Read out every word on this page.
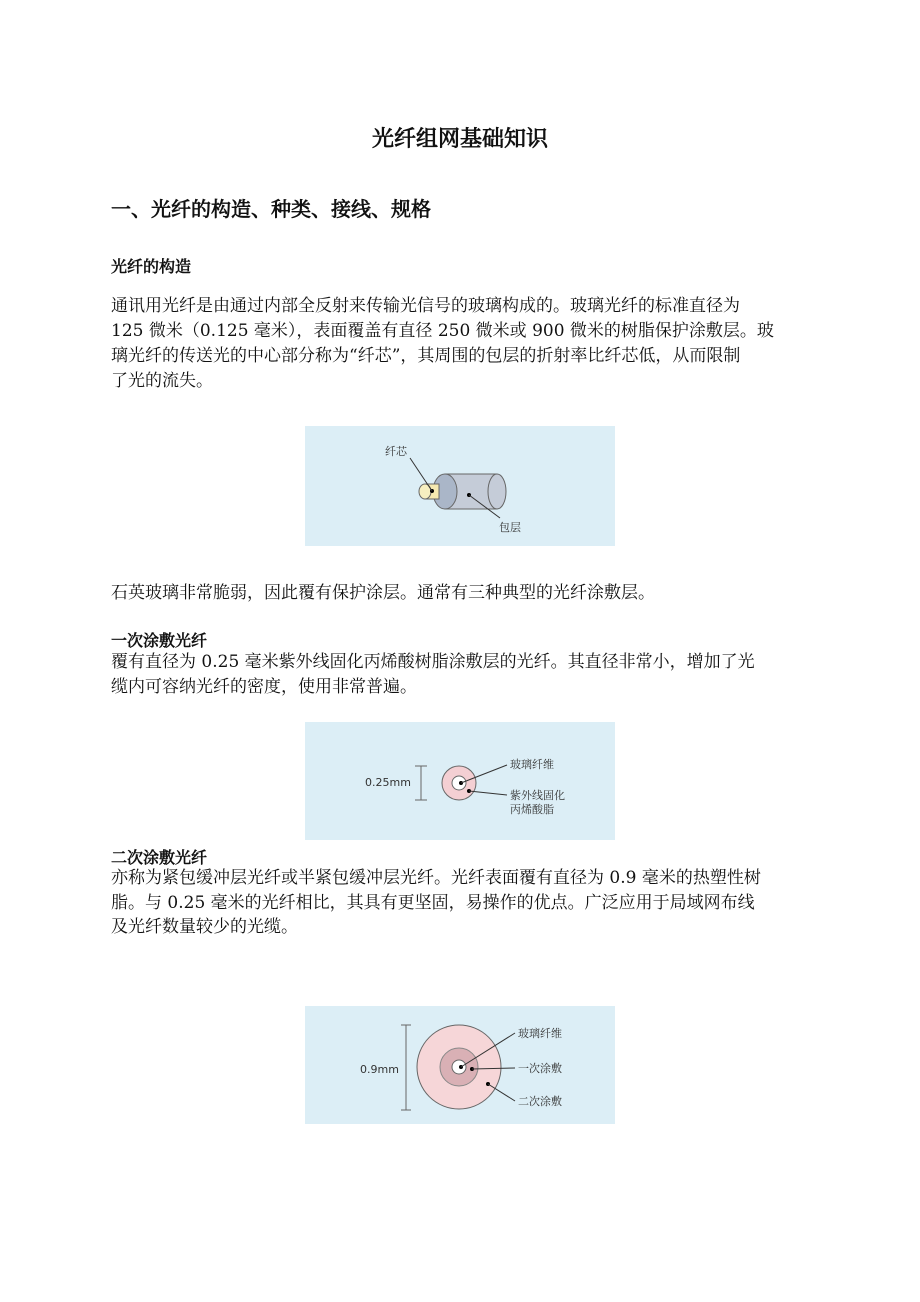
光纤组网基础知识
一、光纤的构造、种类、接线、规格
光纤的构造
通讯用光纤是由通过内部全反射来传输光信号的玻璃构成的。玻璃光纤的标准直径为
125 微米（0.125 毫米），表面覆盖有直径 250 微米或 900 微米的树脂保护涂敷层。玻
璃光纤的传送光的中心部分称为“纤芯”，其周围的包层的折射率比纤芯低，从而限制
了光的流失。
纤芯
包层
石英玻璃非常脆弱，因此覆有保护涂层。通常有三种典型的光纤涂敷层。
一次涂敷光纤
覆有直径为 0.25 毫米紫外线固化丙烯酸树脂涂敷层的光纤。其直径非常小，增加了光
缆内可容纳光纤的密度，使用非常普遍。
0.25mm
玻璃纤维
紫外线固化
丙烯酸脂
二次涂敷光纤
亦称为紧包缓冲层光纤或半紧包缓冲层光纤。光纤表面覆有直径为 0.9 毫米的热塑性树
脂。与 0.25 毫米的光纤相比，其具有更坚固，易操作的优点。广泛应用于局域网布线
及光纤数量较少的光缆。
0.9mm
玻璃纤维
一次涂敷
二次涂敷
